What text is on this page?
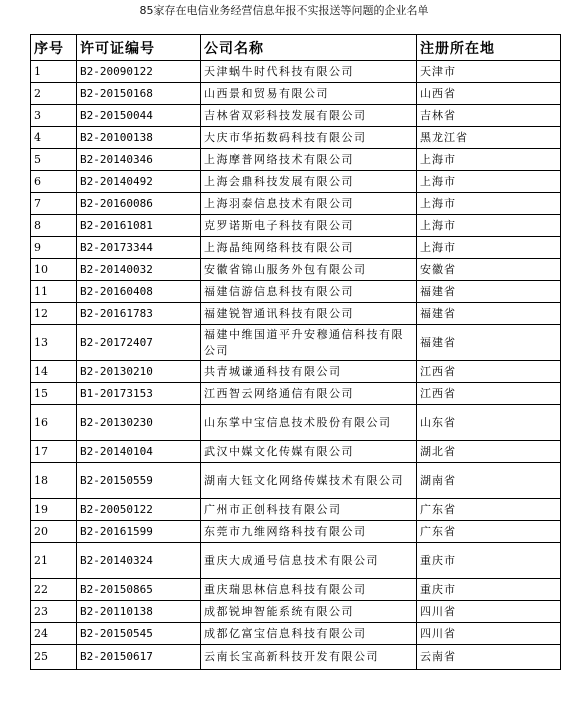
85家存在电信业务经营信息年报不实报送等问题的企业名单
序号	许可证编号	公司名称	注册所在地
1	B2-20090122	天津蜗牛时代科技有限公司	天津市
2	B2-20150168	山西景和贸易有限公司	山西省
3	B2-20150044	吉林省双彩科技发展有限公司	吉林省
4	B2-20100138	大庆市华拓数码科技有限公司	黑龙江省
5	B2-20140346	上海摩普网络技术有限公司	上海市
6	B2-20140492	上海会鼎科技发展有限公司	上海市
7	B2-20160086	上海羽泰信息技术有限公司	上海市
8	B2-20161081	克罗诺斯电子科技有限公司	上海市
9	B2-20173344	上海晶纯网络科技有限公司	上海市
10	B2-20140032	安徽省锦山服务外包有限公司	安徽省
11	B2-20160408	福建信游信息科技有限公司	福建省
12	B2-20161783	福建锐智通讯科技有限公司	福建省
13	B2-20172407	福建中维国道平升安穆通信科技有限公司	福建省
14	B2-20130210	共青城谦通科技有限公司	江西省
15	B1-20173153	江西智云网络通信有限公司	江西省
16	B2-20130230	山东掌中宝信息技术股份有限公司	山东省
17	B2-20140104	武汉中媒文化传媒有限公司	湖北省
18	B2-20150559	湖南大钰文化网络传媒技术有限公司	湖南省
19	B2-20050122	广州市正创科技有限公司	广东省
20	B2-20161599	东莞市九维网络科技有限公司	广东省
21	B2-20140324	重庆大成通号信息技术有限公司	重庆市
22	B2-20150865	重庆瑞思林信息科技有限公司	重庆市
23	B2-20110138	成都锐坤智能系统有限公司	四川省
24	B2-20150545	成都亿富宝信息科技有限公司	四川省
25	B2-20150617	云南长宝高新科技开发有限公司	云南省
